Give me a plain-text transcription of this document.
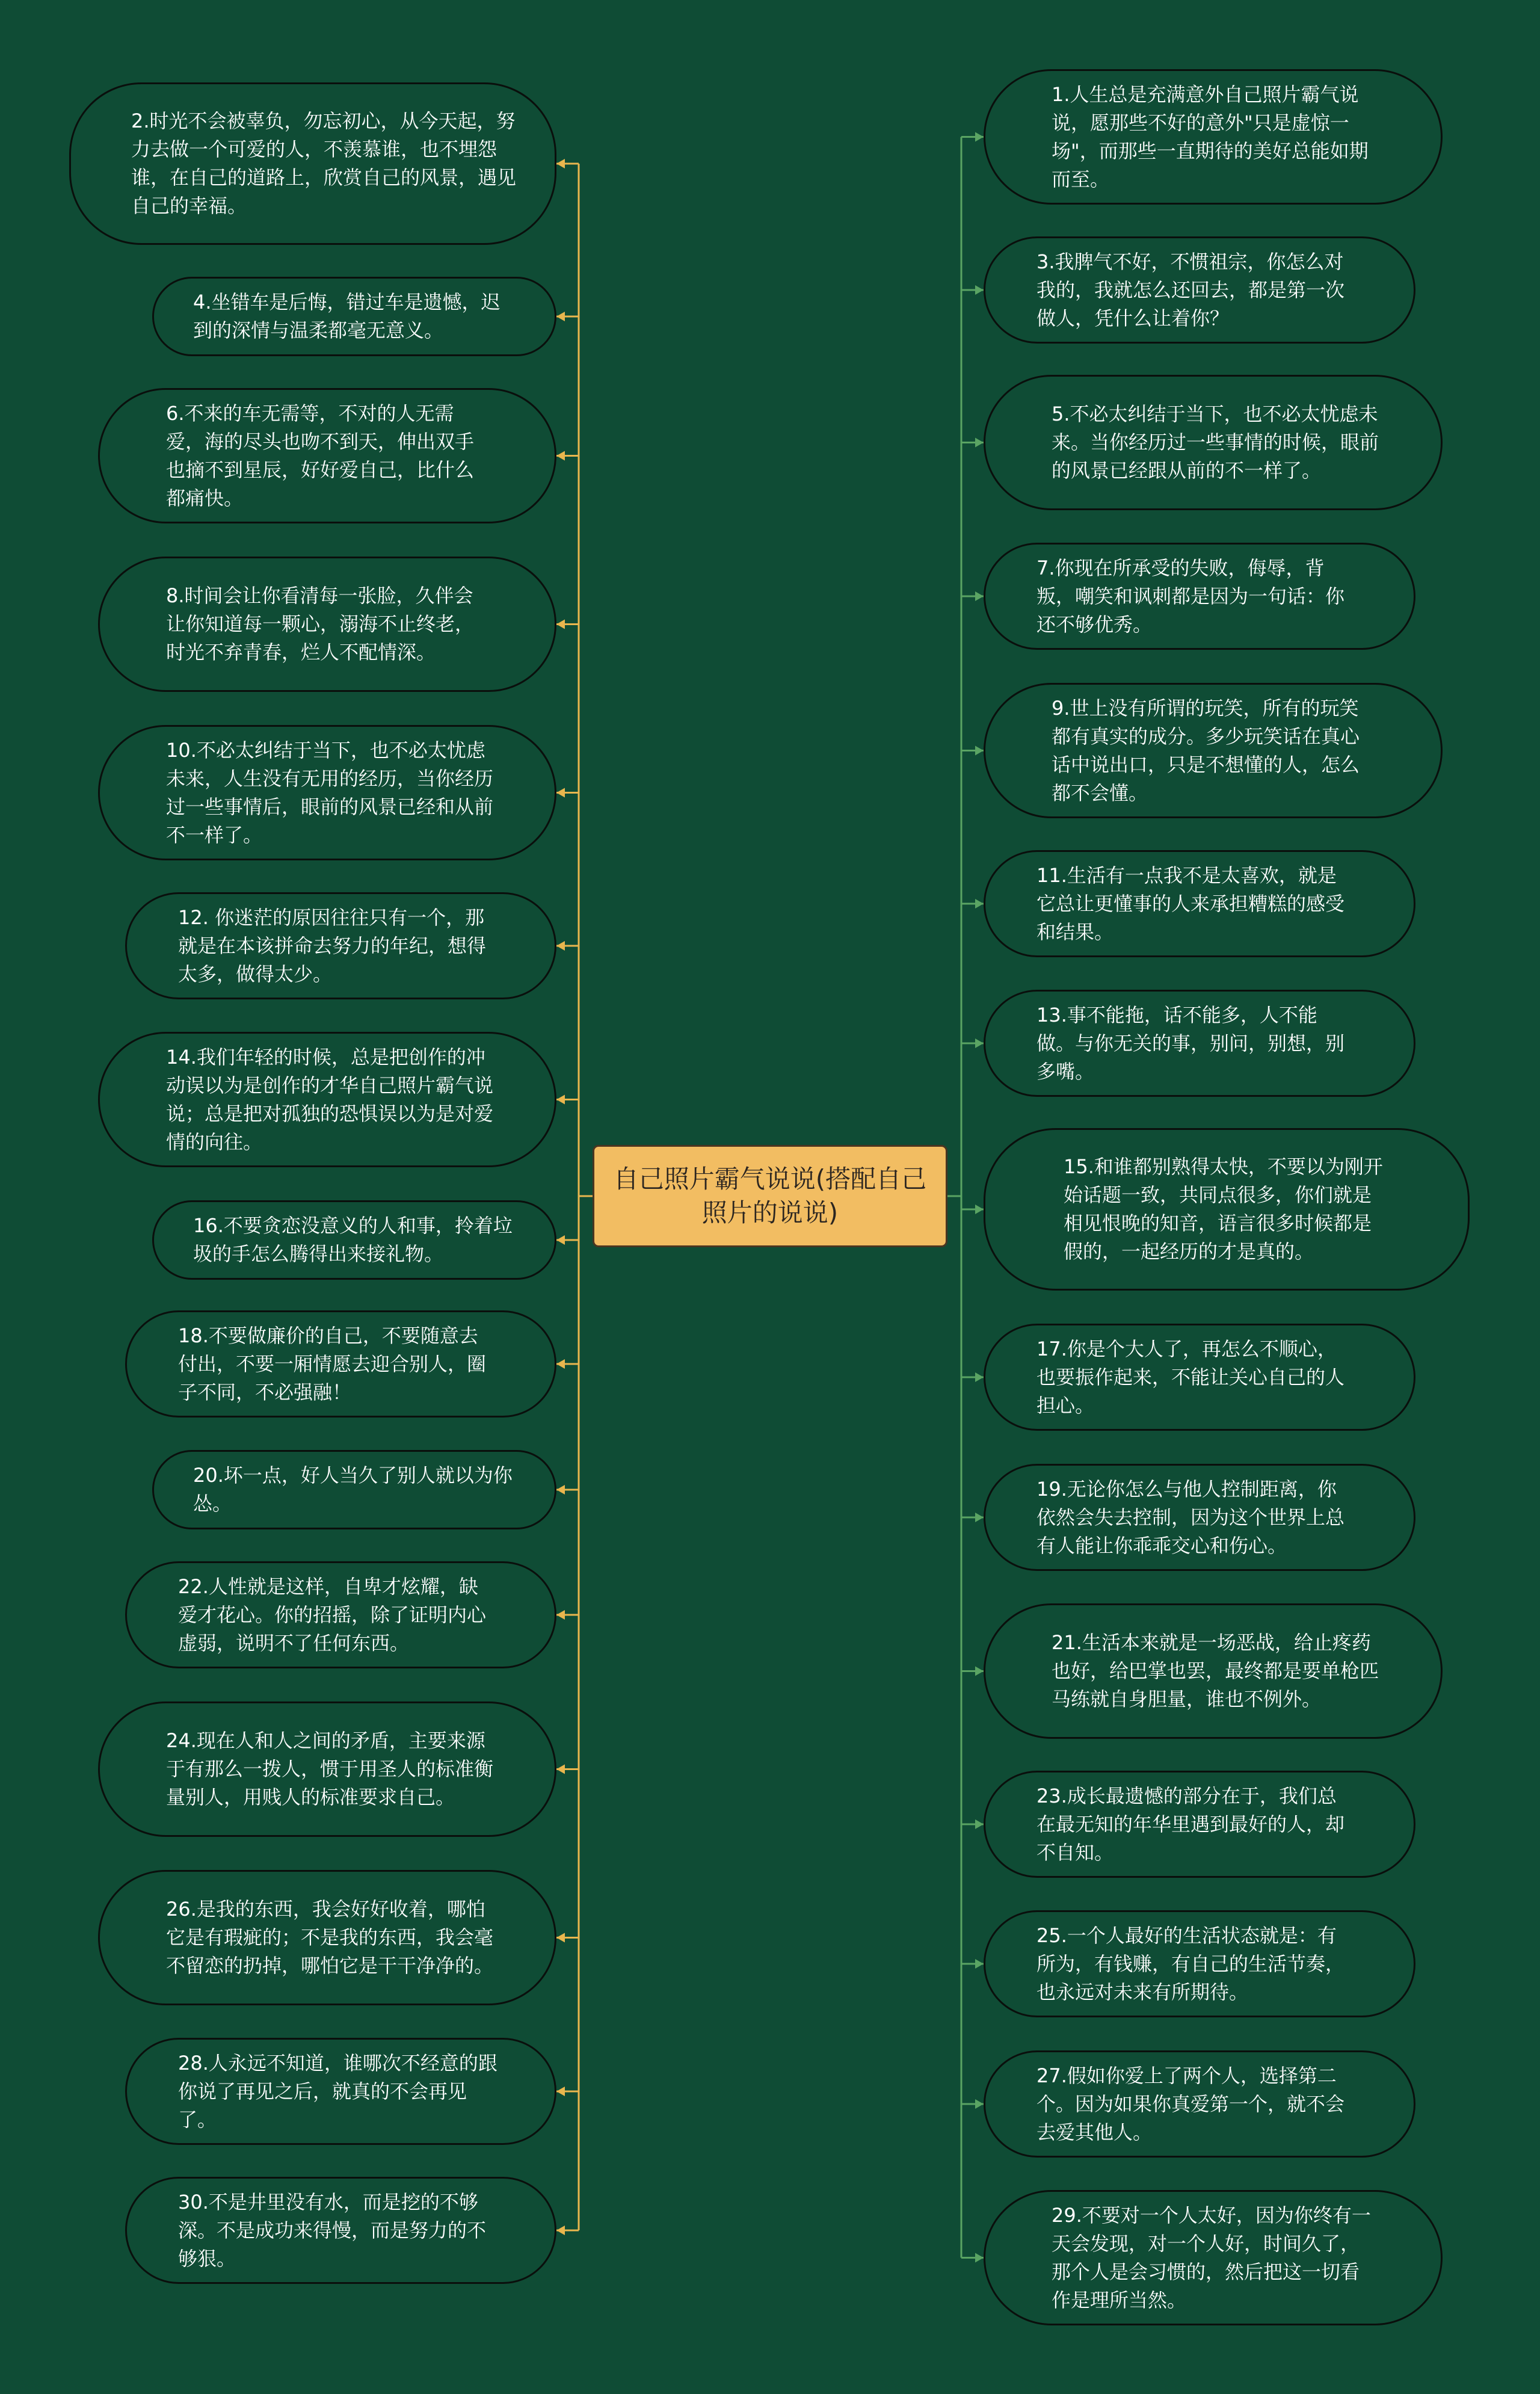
自己照片霸气说说(搭配自己照片的说说)
2.时光不会被辜负，勿忘初心，从今天起，努力去做一个可爱的人，不羡慕谁，也不埋怨谁，在自己的道路上，欣赏自己的风景，遇见自己的幸福。
4.坐错车是后悔，错过车是遗憾，迟到的深情与温柔都毫无意义。
6.不来的车无需等，不对的人无需爱，海的尽头也吻不到天，伸出双手也摘不到星辰，好好爱自己，比什么都痛快。
8.时间会让你看清每一张脸，久伴会让你知道每一颗心，溺海不止终老，时光不弃青春，烂人不配情深。
10.不必太纠结于当下，也不必太忧虑未来，人生没有无用的经历，当你经历过一些事情后，眼前的风景已经和从前不一样了。
12. 你迷茫的原因往往只有一个，那就是在本该拼命去努力的年纪，想得太多，做得太少。
14.我们年轻的时候，总是把创作的冲动误以为是创作的才华自己照片霸气说说；总是把对孤独的恐惧误以为是对爱情的向往。
16.不要贪恋没意义的人和事，拎着垃圾的手怎么腾得出来接礼物。
18.不要做廉价的自己，不要随意去付出，不要一厢情愿去迎合别人，圈子不同，不必强融！
20.坏一点，好人当久了别人就以为你怂。
22.人性就是这样，自卑才炫耀，缺爱才花心。你的招摇，除了证明内心虚弱，说明不了任何东西。
24.现在人和人之间的矛盾，主要来源于有那么一拨人，惯于用圣人的标准衡量别人，用贱人的标准要求自己。
26.是我的东西，我会好好收着，哪怕它是有瑕疵的；不是我的东西，我会毫不留恋的扔掉，哪怕它是干干净净的。
28.人永远不知道，谁哪次不经意的跟你说了再见之后，就真的不会再见了。
30.不是井里没有水，而是挖的不够深。不是成功来得慢，而是努力的不够狠。
1.人生总是充满意外自己照片霸气说说，愿那些不好的意外"只是虚惊一场"，而那些一直期待的美好总能如期而至。
3.我脾气不好，不惯祖宗，你怎么对我的，我就怎么还回去，都是第一次做人，凭什么让着你？
5.不必太纠结于当下，也不必太忧虑未来。当你经历过一些事情的时候，眼前的风景已经跟从前的不一样了。
7.你现在所承受的失败，侮辱，背叛，嘲笑和讽刺都是因为一句话：你还不够优秀。
9.世上没有所谓的玩笑，所有的玩笑都有真实的成分。多少玩笑话在真心话中说出口，只是不想懂的人，怎么都不会懂。
11.生活有一点我不是太喜欢，就是它总让更懂事的人来承担糟糕的感受和结果。
13.事不能拖，话不能多，人不能做。与你无关的事，别问，别想，别多嘴。
15.和谁都别熟得太快，不要以为刚开始话题一致，共同点很多，你们就是相见恨晚的知音，语言很多时候都是假的，一起经历的才是真的。
17.你是个大人了，再怎么不顺心，也要振作起来，不能让关心自己的人担心。
19.无论你怎么与他人控制距离，你依然会失去控制，因为这个世界上总有人能让你乖乖交心和伤心。
21.生活本来就是一场恶战，给止疼药也好，给巴掌也罢，最终都是要单枪匹马练就自身胆量，谁也不例外。
23.成长最遗憾的部分在于，我们总在最无知的年华里遇到最好的人，却不自知。
25.一个人最好的生活状态就是：有所为，有钱赚，有自己的生活节奏，也永远对未来有所期待。
27.假如你爱上了两个人，选择第二个。因为如果你真爱第一个，就不会去爱其他人。
29.不要对一个人太好，因为你终有一天会发现，对一个人好，时间久了，那个人是会习惯的，然后把这一切看作是理所当然。
